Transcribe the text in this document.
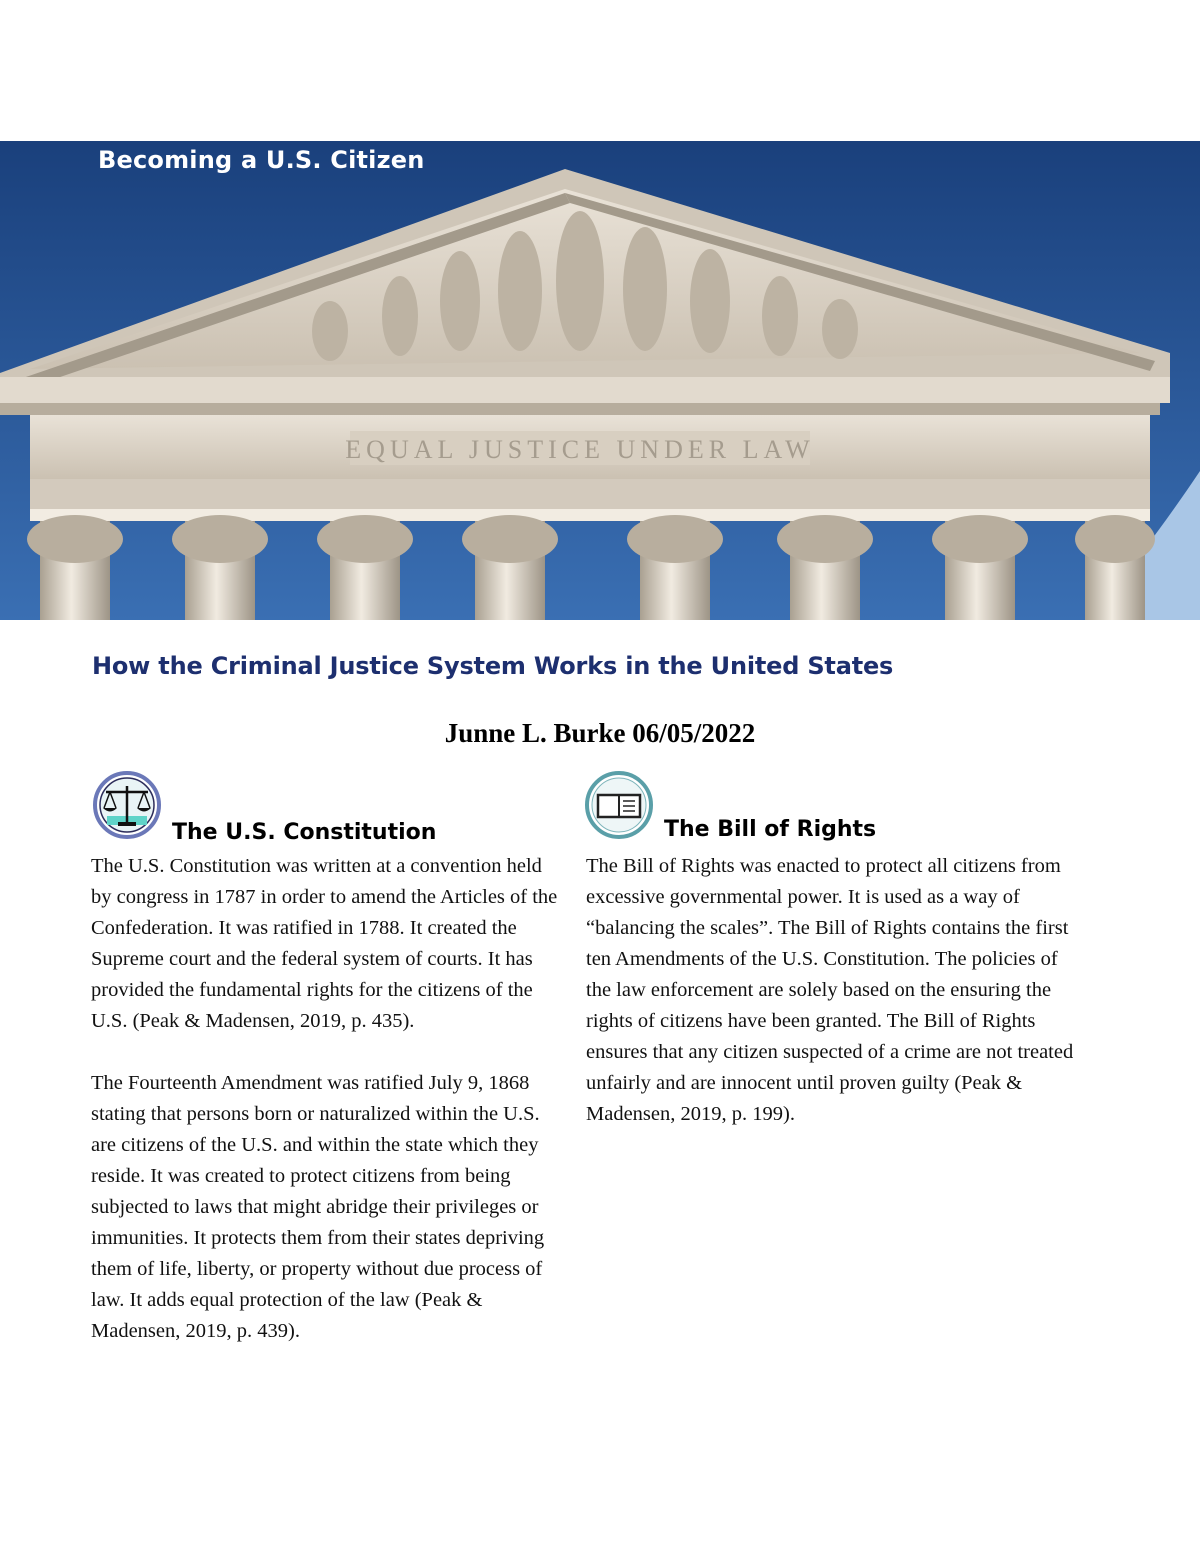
EQUAL JUSTICE UNDER LAW
Becoming a U.S. Citizen
How the Criminal Justice System Works in the United States
Junne L. Burke 06/05/2022
The U.S. Constitution	The Bill of Rights

The U.S. Constitution was written at a convention held by congress in 1787 in order to amend the Articles of the Confederation. It was ratified in 1788. It created the Supreme court and the federal system of courts. It has provided the fundamental rights for the citizens of the U.S. (Peak & Madensen, 2019, p. 435).

The Fourteenth Amendment was ratified July 9, 1868 stating that persons born or naturalized within the U.S. are citizens of the U.S. and within the state which they reside. It was created to protect citizens from being subjected to laws that might abridge their privileges or immunities. It protects them from their states depriving them of life, liberty, or property without due process of law. It adds equal protection of the law (Peak & Madensen, 2019, p. 439).

The Bill of Rights was enacted to protect all citizens from excessive governmental power. It is used as a way of “balancing the scales”. The Bill of Rights contains the first ten Amendments of the U.S. Constitution. The policies of the law enforcement are solely based on the ensuring the rights of citizens have been granted. The Bill of Rights ensures that any citizen suspected of a crime are not treated unfairly and are innocent until proven guilty (Peak & Madensen, 2019, p. 199).
